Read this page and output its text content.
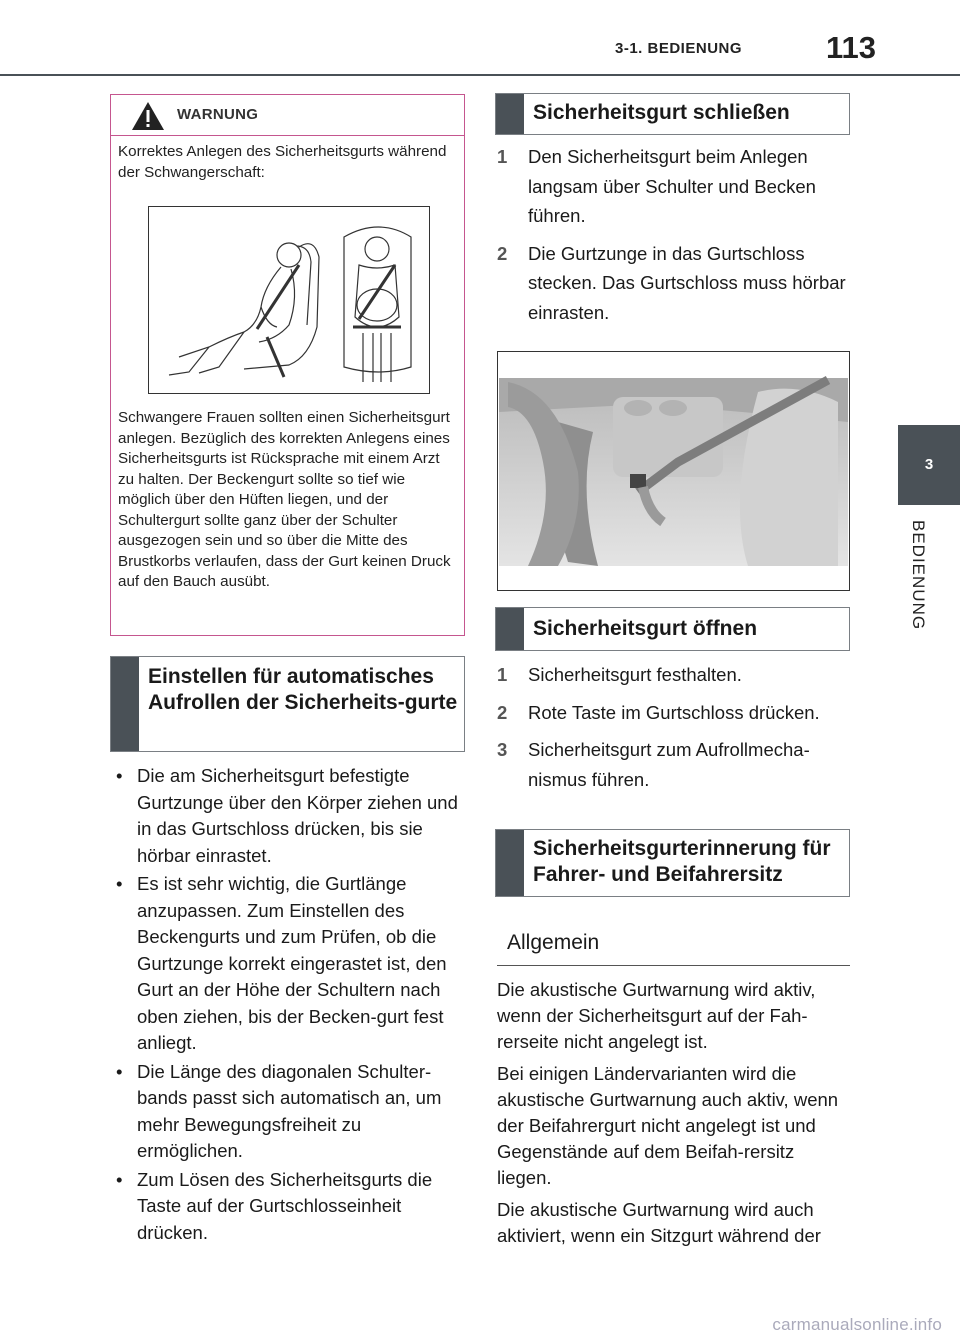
3-1. BEDIENUNG	113
3
BEDIENUNG
WARNUNG
Korrektes Anlegen des Sicherheitsgurts während der Schwangerschaft:
Schwangere Frauen sollten einen Sicherheitsgurt anlegen. Bezüglich des korrekten Anlegens eines Sicherheitsgurts ist Rücksprache mit einem Arzt zu halten. Der Beckengurt sollte so tief wie möglich über den Hüften liegen, und der Schultergurt sollte ganz über der Schulter ausgezogen sein und so über die Mitte des Brustkorbs verlaufen, dass der Gurt keinen Druck auf den Bauch ausübt.
Einstellen für automatisches Aufrollen der Sicherheits-gurte
• Die am Sicherheitsgurt befestigte Gurtzunge über den Körper ziehen und in das Gurtschloss drücken, bis sie hörbar einrastet.
• Es ist sehr wichtig, die Gurtlänge anzupassen. Zum Einstellen des Beckengurts und zum Prüfen, ob die Gurtzunge korrekt eingerastet ist, den Gurt an der Höhe der Schultern nach oben ziehen, bis der Becken-gurt fest anliegt.
• Die Länge des diagonalen Schulter-bands passt sich automatisch an, um mehr Bewegungsfreiheit zu ermöglichen.
• Zum Lösen des Sicherheitsgurts die Taste auf der Gurtschlosseinheit drücken.
Sicherheitsgurt schließen
1 Den Sicherheitsgurt beim Anlegen langsam über Schulter und Becken führen.
2 Die Gurtzunge in das Gurtschloss stecken. Das Gurtschloss muss hörbar einrasten.
Sicherheitsgurt öffnen
1 Sicherheitsgurt festhalten.
2 Rote Taste im Gurtschloss drücken.
3 Sicherheitsgurt zum Aufrollmecha-nismus führen.
Sicherheitsgurterinnerung für Fahrer- und Beifahrersitz
Allgemein

Die akustische Gurtwarnung wird aktiv, wenn der Sicherheitsgurt auf der Fah-rerseite nicht angelegt ist.

Bei einigen Ländervarianten wird die akustische Gurtwarnung auch aktiv, wenn der Beifahrergurt nicht angelegt ist und Gegenstände auf dem Beifah-rersitz liegen.

Die akustische Gurtwarnung wird auch aktiviert, wenn ein Sitzgurt während der

carmanualsonline.info
